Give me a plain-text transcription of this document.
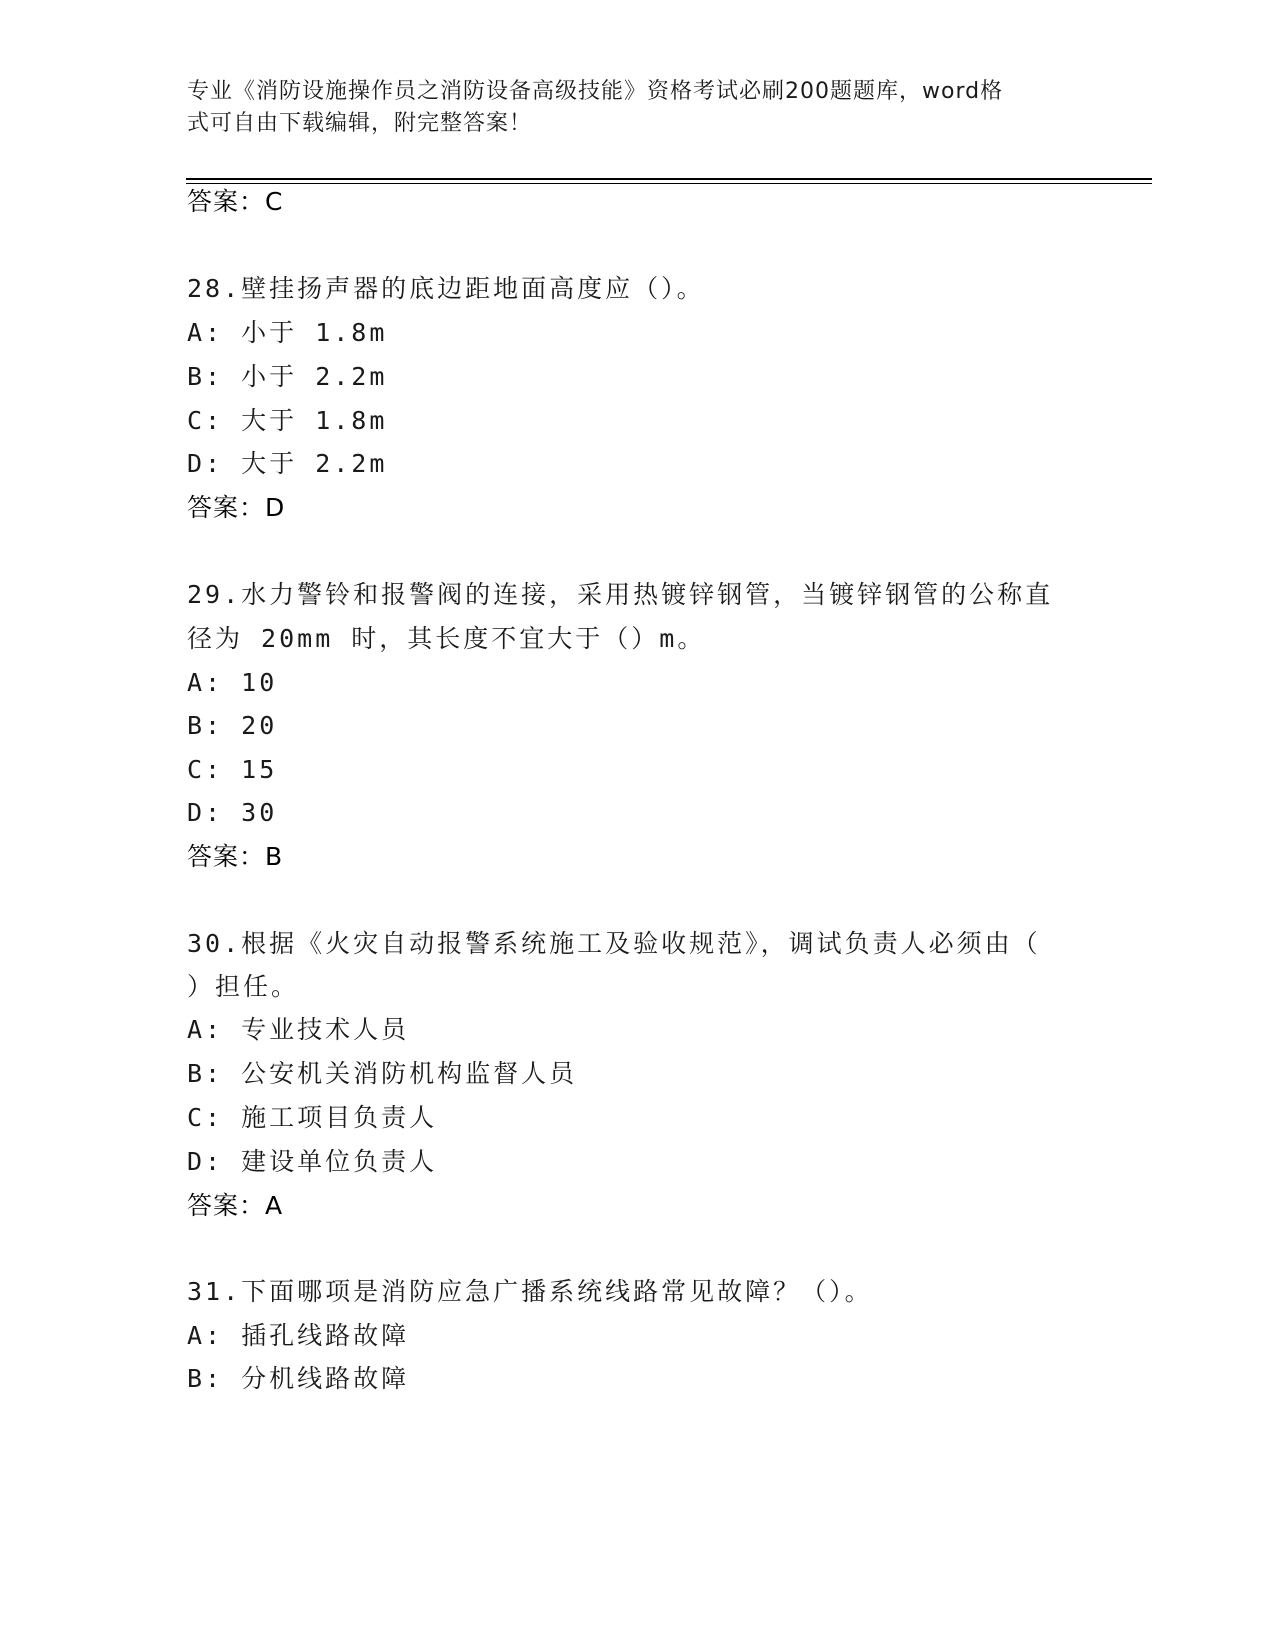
专业《消防设施操作员之消防设备高级技能》资格考试必刷200题题库，word格
式可自由下载编辑，附完整答案！
答案：C
28.壁挂扬声器的底边距地面高度应（）。
A: 小于 1.8m
B: 小于 2.2m
C: 大于 1.8m
D: 大于 2.2m
答案：D
29.水力警铃和报警阀的连接，采用热镀锌钢管，当镀锌钢管的公称直
径为 20mm 时，其长度不宜大于（）m。
A: 10
B: 20
C: 15
D: 30
答案：B
30.根据《火灾自动报警系统施工及验收规范》，调试负责人必须由（
）担任。
A: 专业技术人员
B: 公安机关消防机构监督人员
C: 施工项目负责人
D: 建设单位负责人
答案：A
31.下面哪项是消防应急广播系统线路常见故障？（）。
A: 插孔线路故障
B: 分机线路故障
